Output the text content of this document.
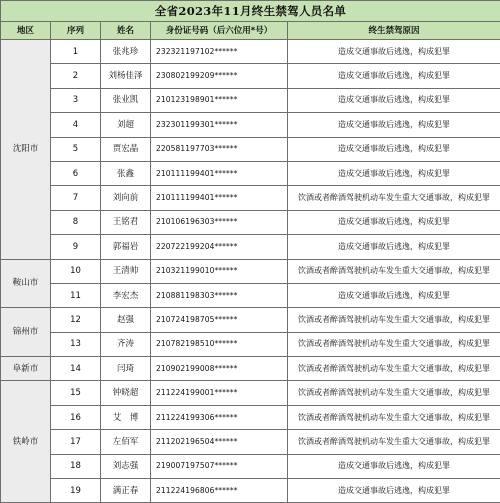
全省2023年11月终生禁驾人员名单				
地区	序列	姓名	身份证号码（后六位用*号）	终生禁驾原因
沈阳市	1	张兆珍	232321197102******	造成交通事故后逃逸，构成犯罪
	2	刘杨佳泽	230802199209******	造成交通事故后逃逸，构成犯罪
	3	张业凯	210123198901******	造成交通事故后逃逸，构成犯罪
	4	刘超	232301199301******	造成交通事故后逃逸，构成犯罪
	5	贾宏晶	220581197703******	造成交通事故后逃逸，构成犯罪
	6	张鑫	210111199401******	造成交通事故后逃逸，构成犯罪
	7	刘向前	210111199401******	饮酒或者醉酒驾驶机动车发生重大交通事故，构成犯罪
	8	王铭君	210106196303******	造成交通事故后逃逸，构成犯罪
	9	郭福岩	220722199204******	造成交通事故后逃逸，构成犯罪
鞍山市	10	王清帅	210321199010******	饮酒或者醉酒驾驶机动车发生重大交通事故，构成犯罪
	11	李宏杰	210881198303******	造成交通事故后逃逸，构成犯罪
锦州市	12	赵强	210724198705******	饮酒或者醉酒驾驶机动车发生重大交通事故，构成犯罪
	13	齐涛	210782198510******	饮酒或者醉酒驾驶机动车发生重大交通事故，构成犯罪
阜新市	14	闫琦	210902199008******	饮酒或者醉酒驾驶机动车发生重大交通事故，构成犯罪
铁岭市	15	钟晓超	211224199001******	饮酒或者醉酒驾驶机动车发生重大交通事故，构成犯罪
	16	艾　博	211224199306******	饮酒或者醉酒驾驶机动车发生重大交通事故，构成犯罪
	17	左佰军	211202196504******	饮酒或者醉酒驾驶机动车发生重大交通事故，构成犯罪
	18	刘志强	219007197507******	造成交通事故后逃逸，构成犯罪
	19	满正春	211224196806******	造成交通事故后逃逸，构成犯罪
